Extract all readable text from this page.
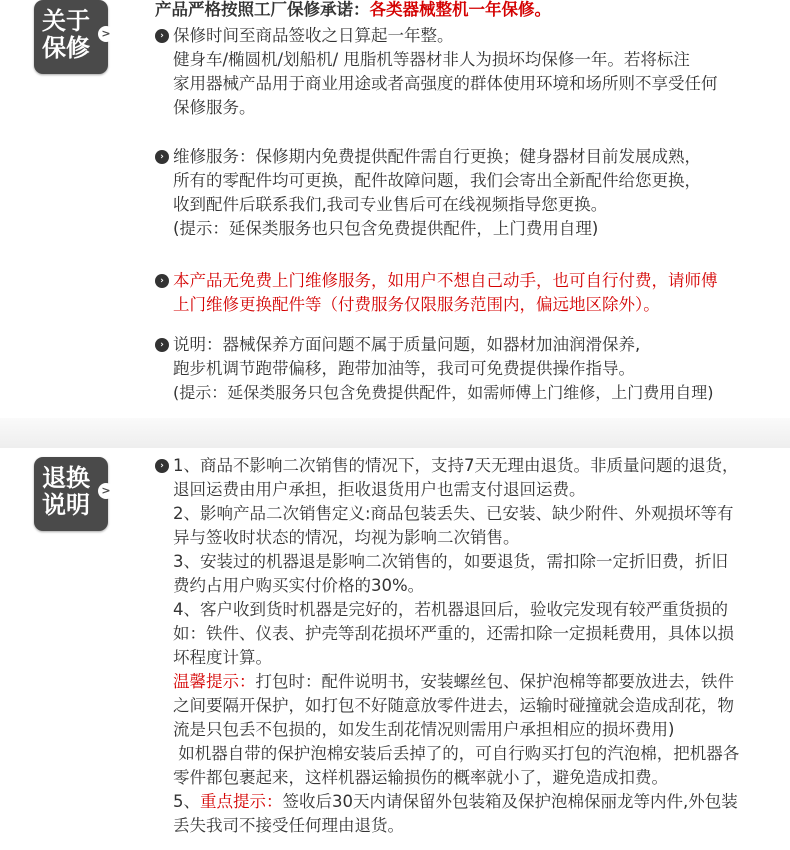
关于
保修
>
产品严格按照工厂保修承诺：各类器械整机一年保修。
› 保修时间至商品签收之日算起一年整。
健身车/椭圆机/划船机/ 甩脂机等器材非人为损坏均保修一年。若将标注
家用器械产品用于商业用途或者高强度的群体使用环境和场所则不享受任何
保修服务。
› 维修服务：保修期内免费提供配件需自行更换；健身器材目前发展成熟，
所有的零配件均可更换，配件故障问题，我们会寄出全新配件给您更换，
收到配件后联系我们,我司专业售后可在线视频指导您更换。
(提示：延保类服务也只包含免费提供配件，上门费用自理)
› 本产品无免费上门维修服务，如用户不想自己动手，也可自行付费，请师傅
上门维修更换配件等（付费服务仅限服务范围内，偏远地区除外）。
› 说明：器械保养方面问题不属于质量问题，如器材加油润滑保养,
跑步机调节跑带偏移，跑带加油等，我司可免费提供操作指导。
(提示：延保类服务只包含免费提供配件，如需师傅上门维修，上门费用自理)
退换
说明
>
› 1、商品不影响二次销售的情况下，支持7天无理由退货。非质量问题的退货，
退回运费由用户承担，拒收退货用户也需支付退回运费。
2、影响产品二次销售定义:商品包装丢失、已安装、缺少附件、外观损坏等有
异与签收时状态的情况，均视为影响二次销售。
3、安装过的机器退是影响二次销售的，如要退货，需扣除一定折旧费，折旧
费约占用户购买实付价格的30%。
4、客户收到货时机器是完好的，若机器退回后，验收完发现有较严重货损的
如：铁件、仪表、护壳等刮花损坏严重的，还需扣除一定损耗费用，具体以损
坏程度计算。
温馨提示：打包时：配件说明书，安装螺丝包、保护泡棉等都要放进去，铁件
之间要隔开保护，如打包不好随意放零件进去，运输时碰撞就会造成刮花，物
流是只包丢不包损的，如发生刮花情况则需用户承担相应的损坏费用)
如机器自带的保护泡棉安装后丢掉了的，可自行购买打包的汽泡棉，把机器各
零件都包裹起来，这样机器运输损伤的概率就小了，避免造成扣费。
5、重点提示：签收后30天内请保留外包装箱及保护泡棉保丽龙等内件,外包装
丢失我司不接受任何理由退货。
